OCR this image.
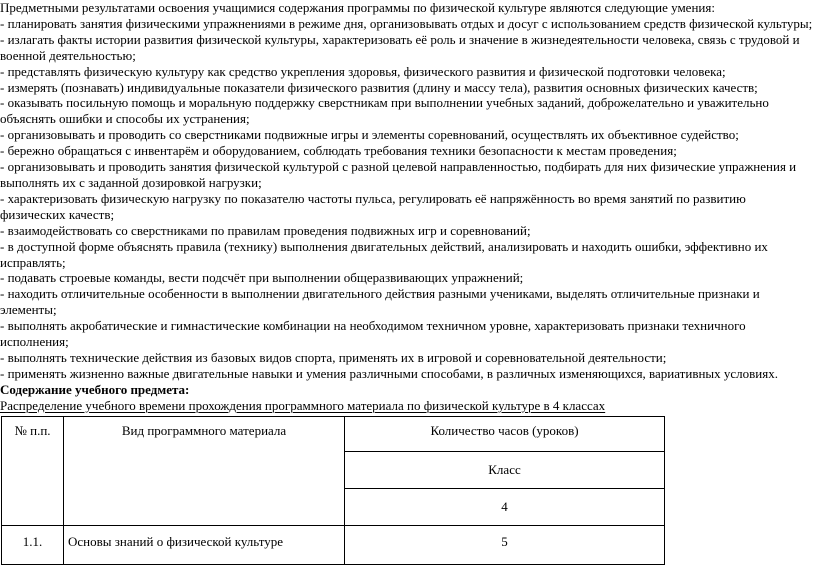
Предметными результатами освоения учащимися содержания программы по физической культуре являются следующие умения:

- планировать занятия физическими упражнениями в режиме дня, организовывать отдых и досуг с использованием средств физической культуры;

- излагать факты истории развития физической культуры, характеризовать её роль и значение в жизнедеятельности человека, связь с трудовой и военной деятельностью;

- представлять физическую культуру как средство укрепления здоровья, физического развития и физической подготовки человека;

- измерять (познавать) индивидуальные показатели физического развития (длину и массу тела), развития основных физических качеств;

- оказывать посильную помощь и моральную поддержку сверстникам при выполнении учебных заданий, доброжелательно и уважительно объяснять ошибки и способы их устранения;

- организовывать и проводить со сверстниками подвижные игры и элементы соревнований, осуществлять их объективное судейство;

- бережно обращаться с инвентарём и оборудованием, соблюдать требования техники безопасности к местам проведения;

- организовывать и проводить занятия физической культурой с разной целевой направленностью, подбирать для них физические упражнения и выполнять их с заданной дозировкой нагрузки;

- характеризовать физическую нагрузку по показателю частоты пульса, регулировать её напряжённость во время занятий по развитию физических качеств;

- взаимодействовать со сверстниками по правилам проведения подвижных игр и соревнований;

- в доступной форме объяснять правила (технику) выполнения двигательных действий, анализировать и находить ошибки, эффективно их исправлять;

- подавать строевые команды, вести подсчёт при выполнении общеразвивающих упражнений;

- находить отличительные особенности в выполнении двигательного действия разными учениками, выделять отличительные признаки и элементы;

- выполнять акробатические и гимнастические комбинации на необходимом техничном уровне, характеризовать признаки техничного исполнения;

- выполнять технические действия из базовых видов спорта, применять их в игровой и соревновательной деятельности;

- применять жизненно важные двигательные навыки и умения различными способами, в различных изменяющихся, вариативных условиях.

Содержание учебного предмета:

Распределение учебного времени прохождения программного материала по физической культуре в 4 классах

№ п.п.	Вид программного материала	Количество часов (уроков)
		Класс
		4
1.1.	Основы знаний о физической культуре	5
